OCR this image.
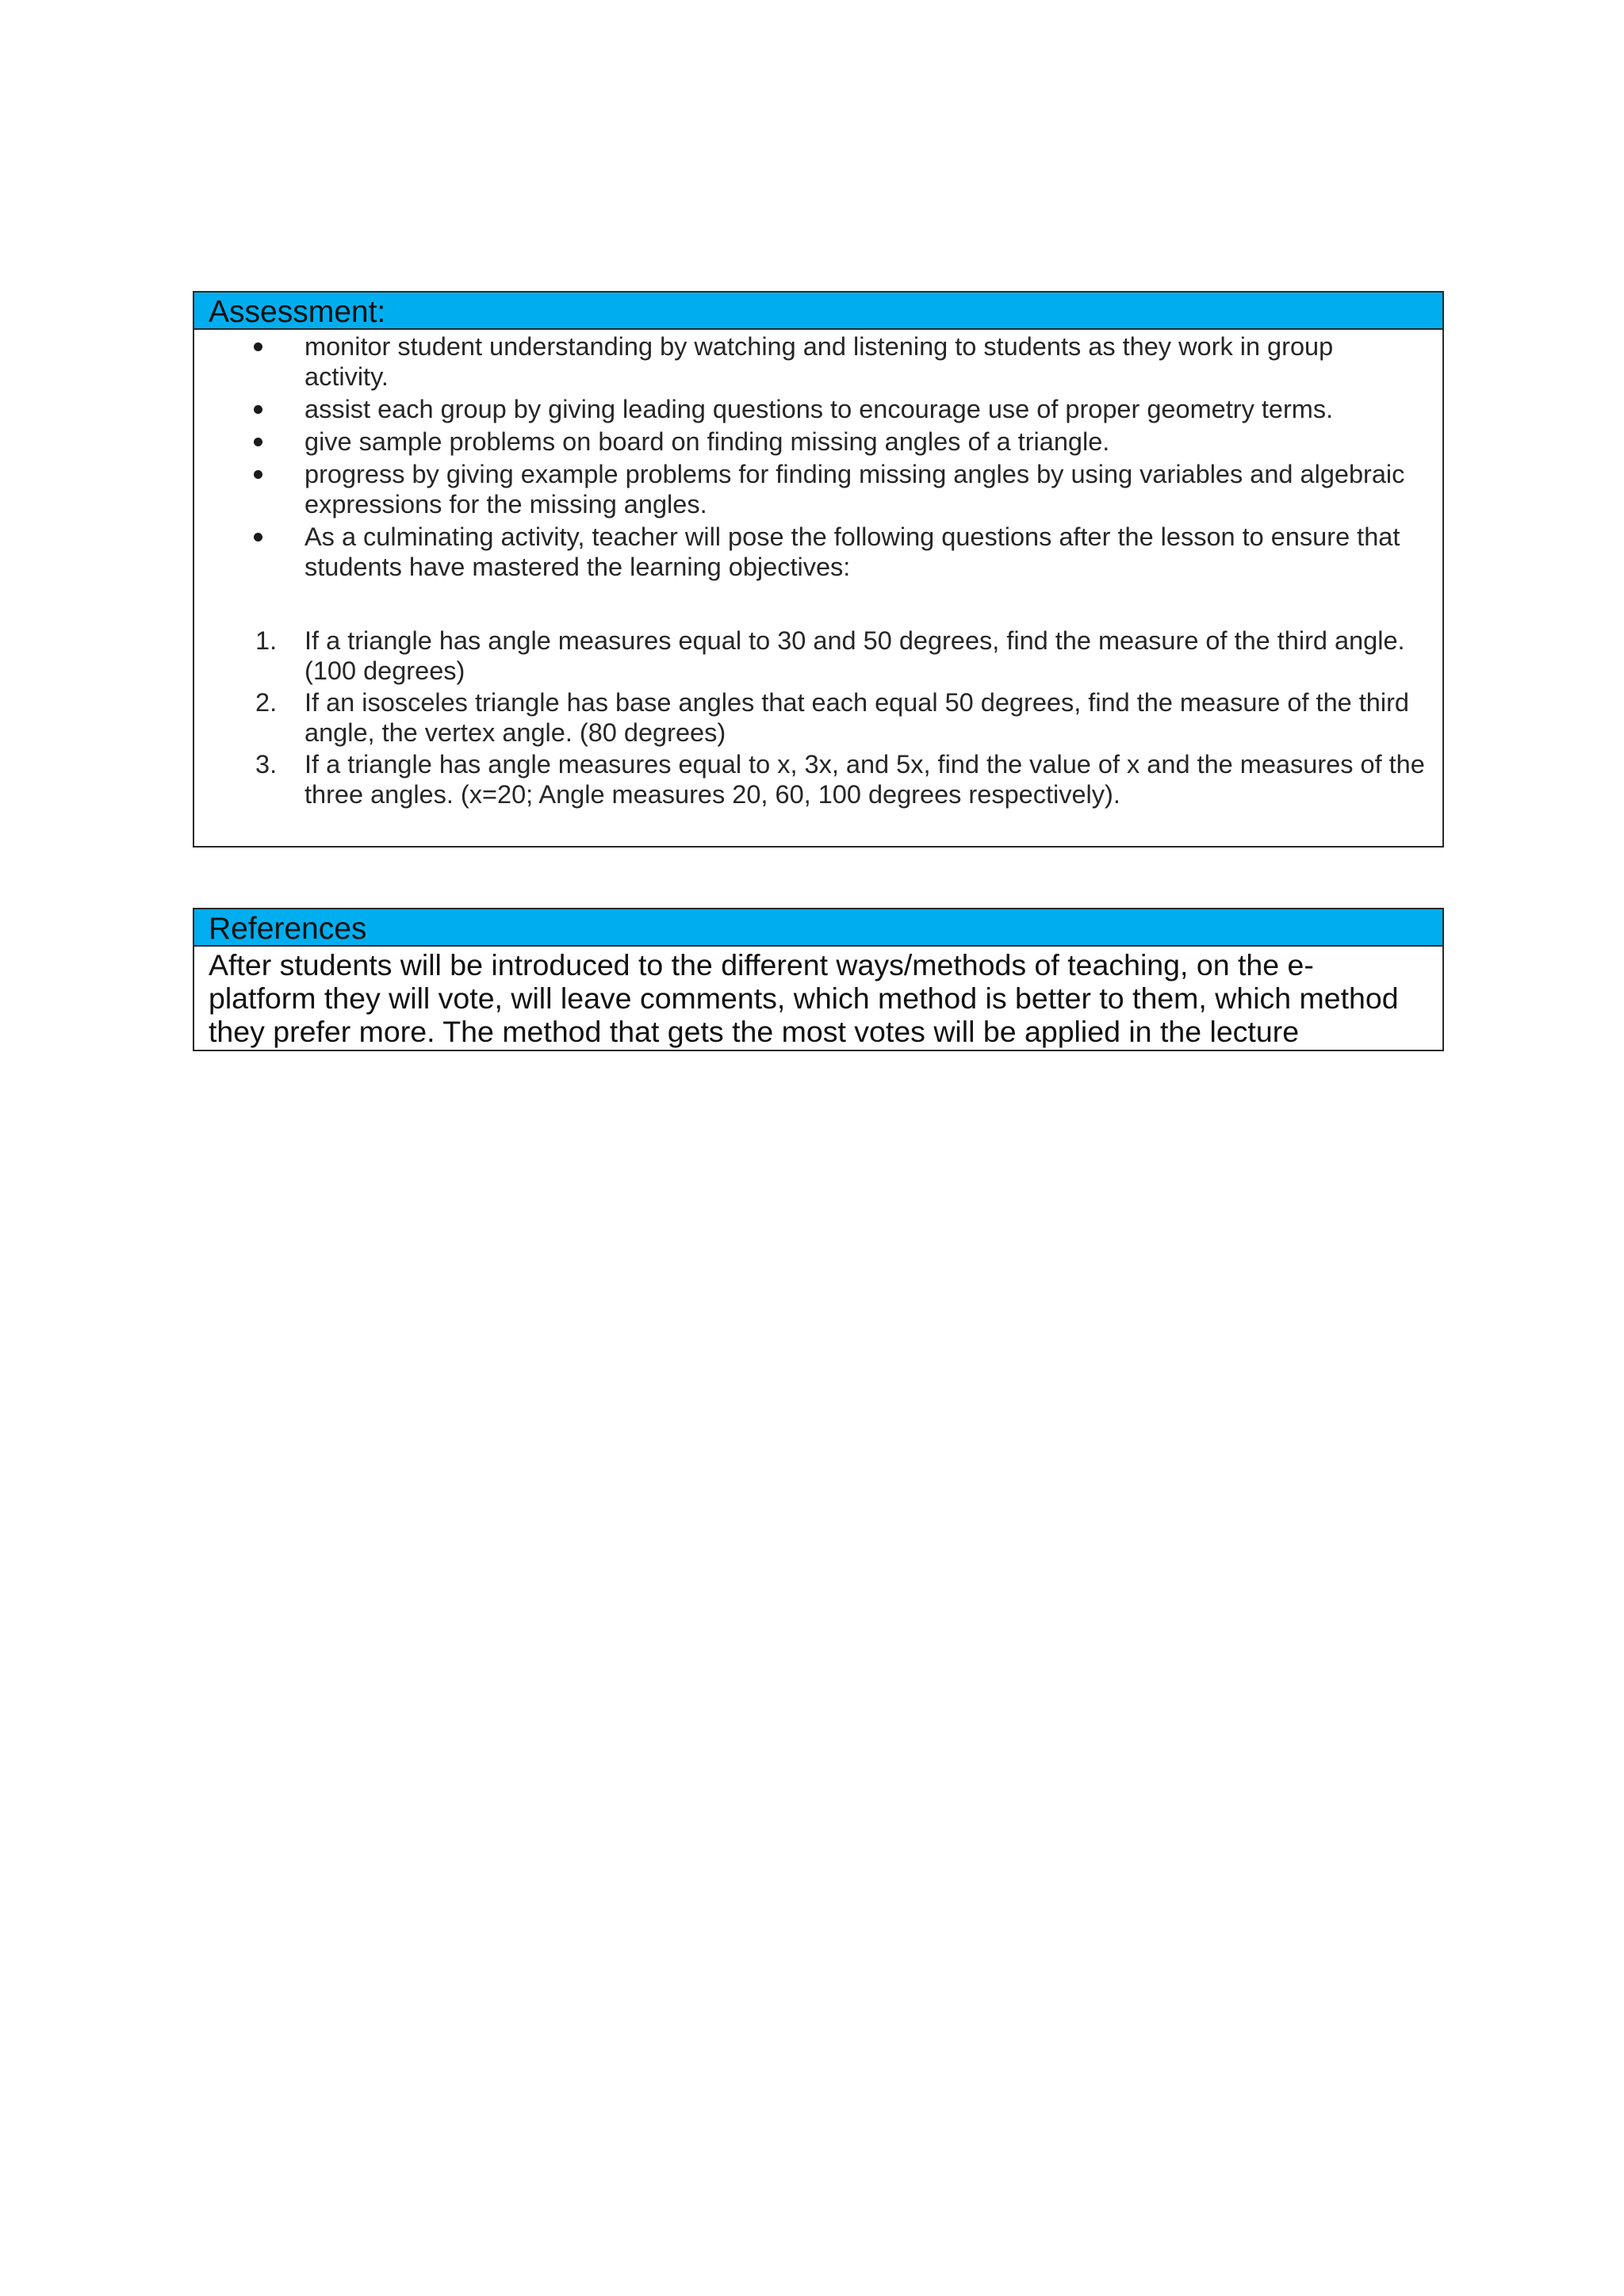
Assessment:
monitor student understanding by watching and listening to students as they work in group activity.
assist each group by giving leading questions to encourage use of proper geometry terms.
give sample problems on board on finding missing angles of a triangle.
progress by giving example problems for finding missing angles by using variables and algebraic expressions for the missing angles.
As a culminating activity, teacher will pose the following questions after the lesson to ensure that students have mastered the learning objectives:
1. If a triangle has angle measures equal to 30 and 50 degrees, find the measure of the third angle. (100 degrees)
2. If an isosceles triangle has base angles that each equal 50 degrees, find the measure of the third angle, the vertex angle. (80 degrees)
3. If a triangle has angle measures equal to x, 3x, and 5x, find the value of x and the measures of the three angles. (x=20; Angle measures 20, 60, 100 degrees respectively).
References
After students will be introduced to the different ways/methods of teaching, on the e- platform they will vote, will leave comments, which method is better to them, which method they prefer more. The method that gets the most votes will be applied in the lecture
